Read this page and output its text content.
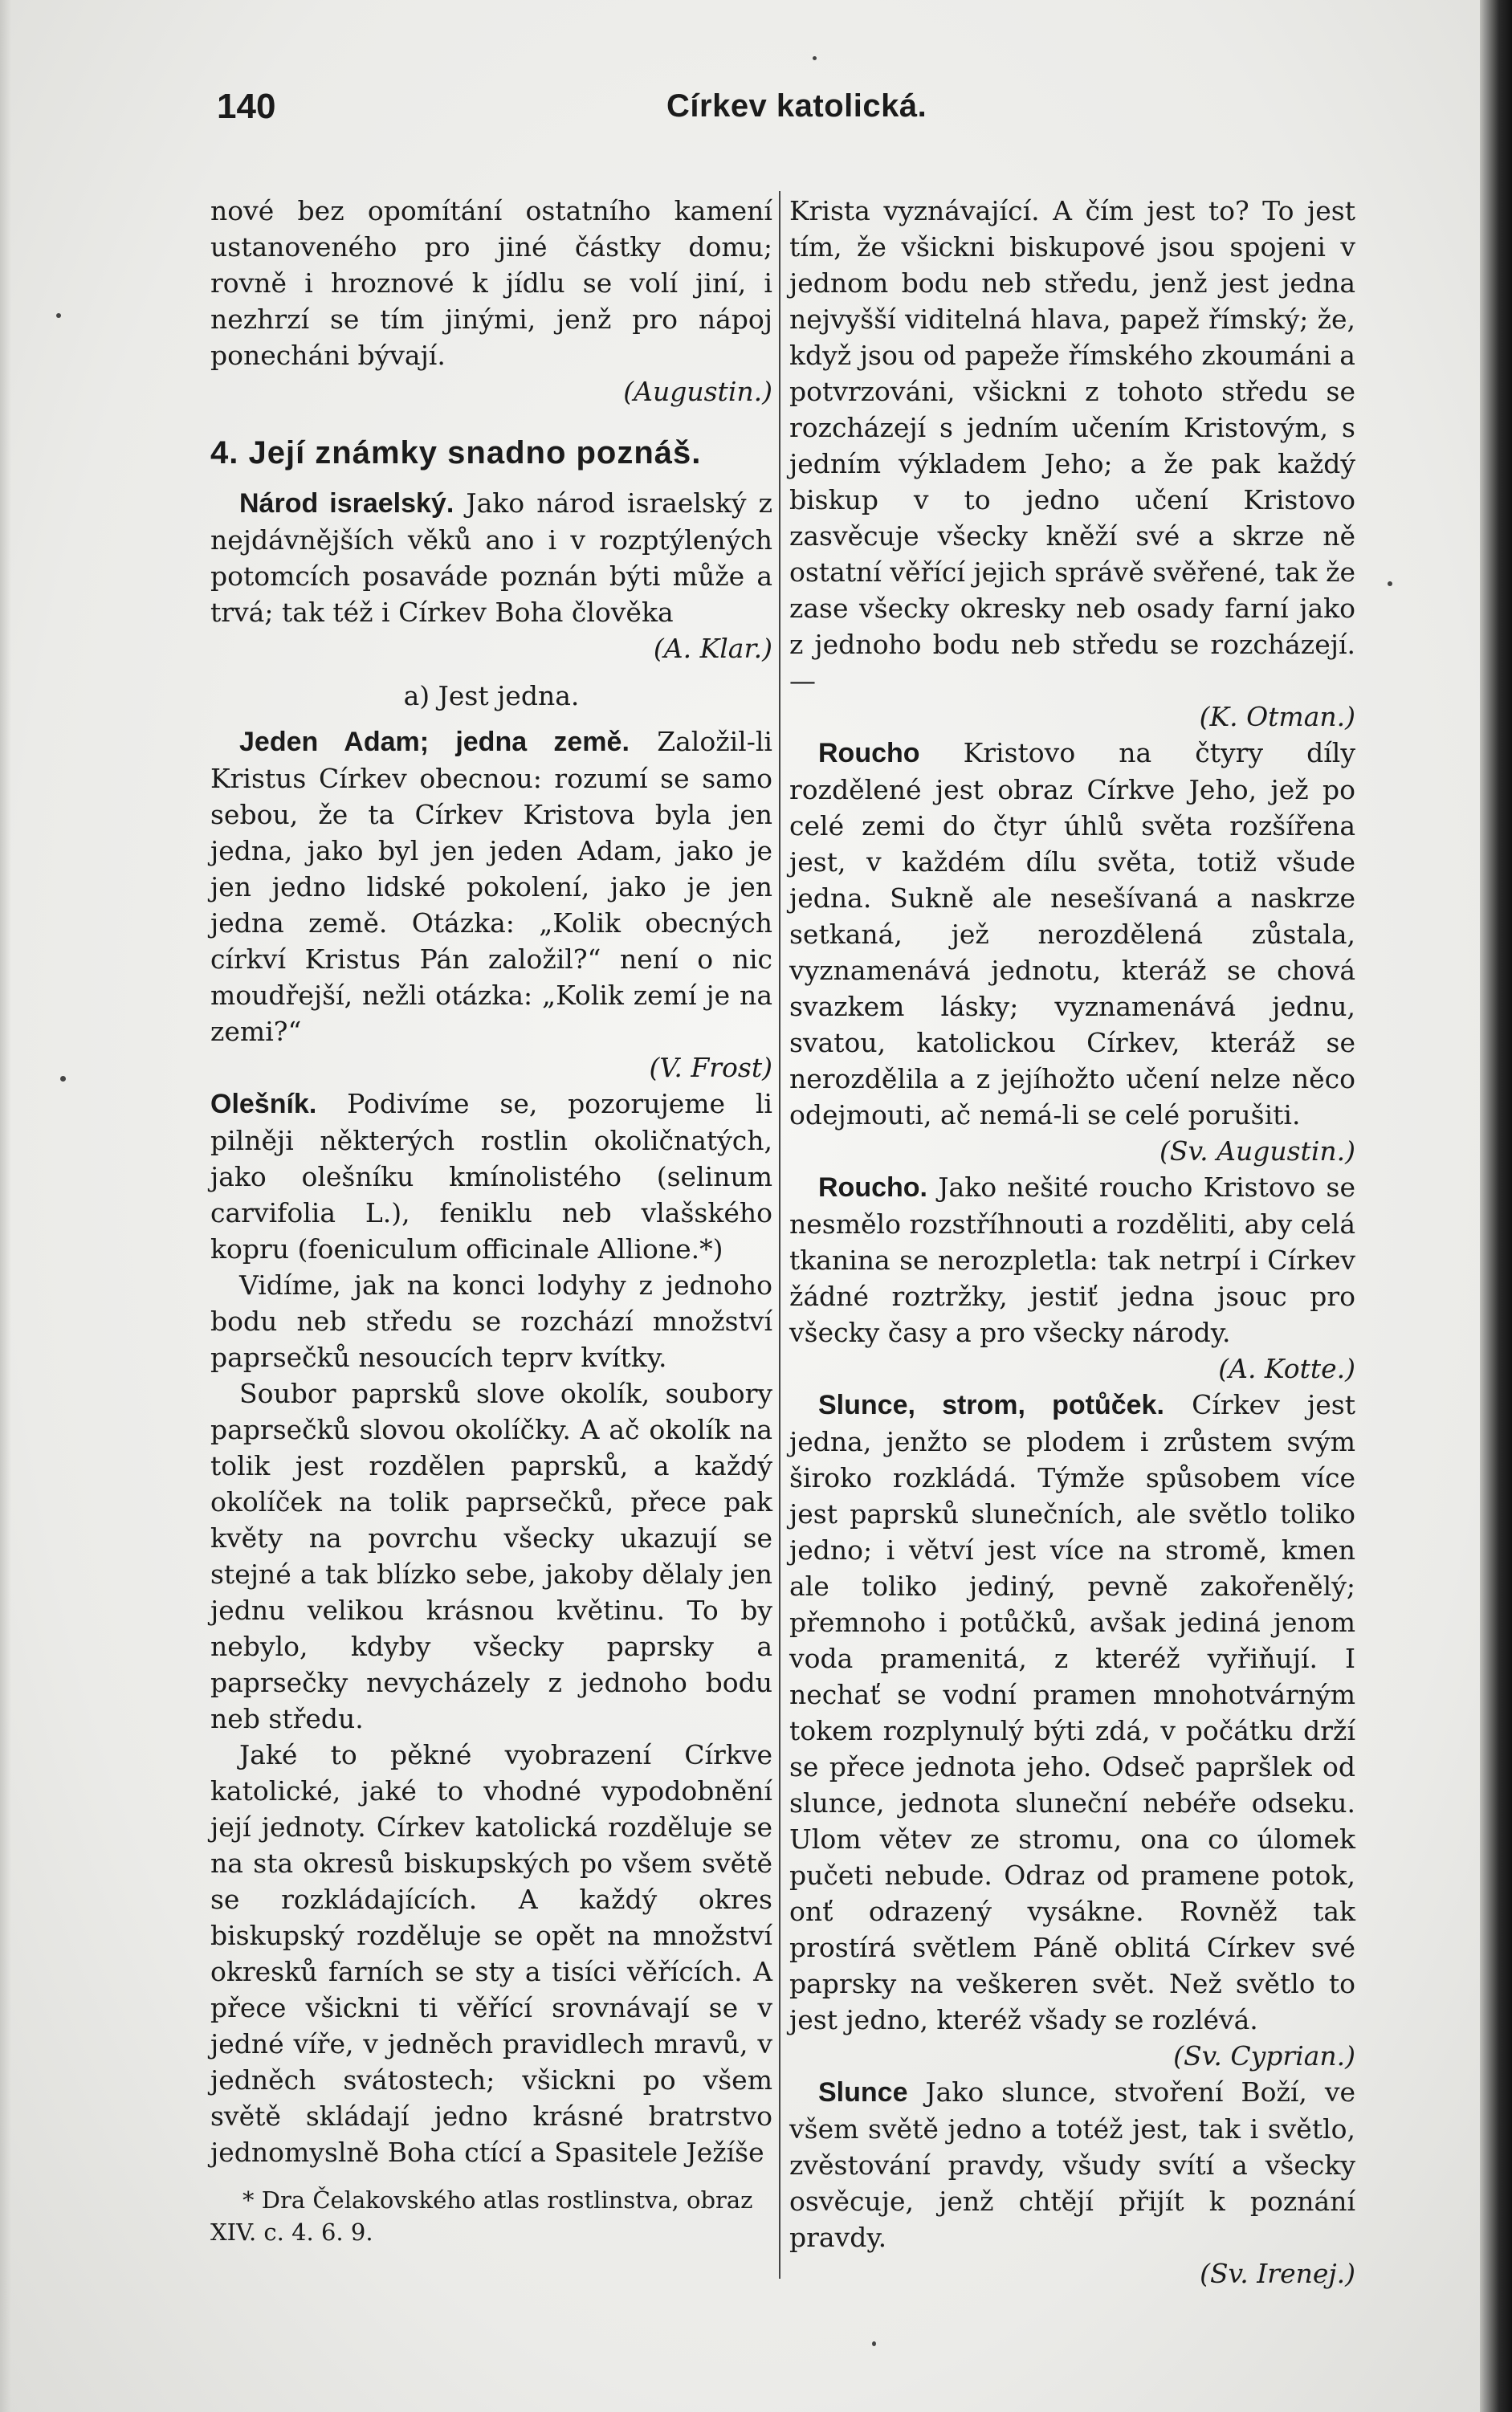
140	Církev katolická.

nové bez opomítání ostatního kamení ustanoveného pro jiné částky domu; rovně i hroznové k jídlu se volí jiní, i nezhrzí se tím jinými, jenž pro nápoj ponecháni bývají.

(Augustin.)

4. Její známky snadno poznáš.

Národ israelský. Jako národ israelský z nejdávnějších věků ano i v rozptýlených potomcích posaváde poznán býti může a trvá; tak též i Církev Boha člověka

(A. Klar.)

a) Jest jedna.

Jeden Adam; jedna země. Založil-li Kristus Církev obecnou: rozumí se samo sebou, že ta Církev Kristova byla jen jedna, jako byl jen jeden Adam, jako je jen jedno lidské pokolení, jako je jen jedna země. Otázka: „Kolik obecných církví Kristus Pán založil?“ není o nic moudřejší, nežli otázka: „Kolik zemí je na zemi?“

(V. Frost)

Olešník. Podivíme se, pozorujeme li pilněji některých rostlin okoličnatých, jako olešníku kmínolistého (selinum carvifolia L.), feniklu neb vlašského kopru (foeniculum officinale Allione.*)

Vidíme, jak na konci lodyhy z jednoho bodu neb středu se rozchází množství paprsečků nesoucích teprv kvítky.

Soubor paprsků slove okolík, soubory paprsečků slovou okolíčky. A ač okolík na tolik jest rozdělen paprsků, a každý okolíček na tolik paprsečků, přece pak květy na povrchu všecky ukazují se stejné a tak blízko sebe, jakoby dělaly jen jednu velikou krásnou květinu. To by nebylo, kdyby všecky paprsky a paprsečky nevycházely z jednoho bodu neb středu.

Jaké to pěkné vyobrazení Církve katolické, jaké to vhodné vypodobnění její jednoty. Církev katolická rozděluje se na sta okresů biskupských po všem světě se rozkládajících. A každý okres biskupský rozděluje se opět na množství okresků farních se sty a tisíci věřících. A přece všickni ti věřící srovnávají se v jedné víře, v jedněch pravidlech mravů, v jedněch svátostech; všickni po všem světě skládají jedno krásné bratrstvo jednomyslně Boha ctící a Spasitele Ježíše

* Dra Čelakovského atlas rostlinstva, obraz XIV. c. 4. 6. 9.

Krista vyznávající. A čím jest to? To jest tím, že všickni biskupové jsou spojeni v jednom bodu neb středu, jenž jest jedna nejvyšší viditelná hlava, papež římský; že, když jsou od papeže římského zkoumáni a potvrzováni, všickni z tohoto středu se rozcházejí s jedním učením Kristovým, s jedním výkladem Jeho; a že pak každý biskup v to jedno učení Kristovo zasvěcuje všecky kněží své a skrze ně ostatní věřící jejich správě svěřené, tak že zase všecky okresky neb osady farní jako z jednoho bodu neb středu se rozcházejí. —

(K. Otman.)

Roucho Kristovo na čtyry díly rozdělené jest obraz Církve Jeho, jež po celé zemi do čtyr úhlů světa rozšířena jest, v každém dílu světa, totiž všude jedna. Sukně ale nesešívaná a naskrze setkaná, jež nerozdělená zůstala, vyznamenává jednotu, kteráž se chová svazkem lásky; vyznamenává jednu, svatou, katolickou Církev, kteráž se nerozdělila a z jejíhožto učení nelze něco odejmouti, ač nemá-li se celé porušiti.

(Sv. Augustin.)

Roucho. Jako nešité roucho Kristovo se nesmělo rozstříhnouti a rozděliti, aby celá tkanina se nerozpletla: tak netrpí i Církev žádné roztržky, jestiť jedna jsouc pro všecky časy a pro všecky národy.

(A. Kotte.)

Slunce, strom, potůček. Církev jest jedna, jenžto se plodem i zrůstem svým široko rozkládá. Týmže spůsobem více jest paprsků slunečních, ale světlo toliko jedno; i větví jest více na stromě, kmen ale toliko jediný, pevně zakořenělý; přemnoho i potůčků, avšak jediná jenom voda pramenitá, z kteréž vyřiňují. I nechať se vodní pramen mnohotvárným tokem rozplynulý býti zdá, v počátku drží se přece jednota jeho. Odseč papršlek od slunce, jednota sluneční nebéře odseku. Ulom větev ze stromu, ona co úlomek pučeti nebude. Odraz od pramene potok, onť odrazený vysákne. Rovněž tak prostírá světlem Páně oblitá Církev své paprsky na veškeren svět. Než světlo to jest jedno, kteréž všady se rozlévá.

(Sv. Cyprian.)

Slunce Jako slunce, stvoření Boží, ve všem světě jedno a totéž jest, tak i světlo, zvěstování pravdy, všudy svítí a všecky osvěcuje, jenž chtějí přijít k poznání pravdy.

(Sv. Irenej.)
